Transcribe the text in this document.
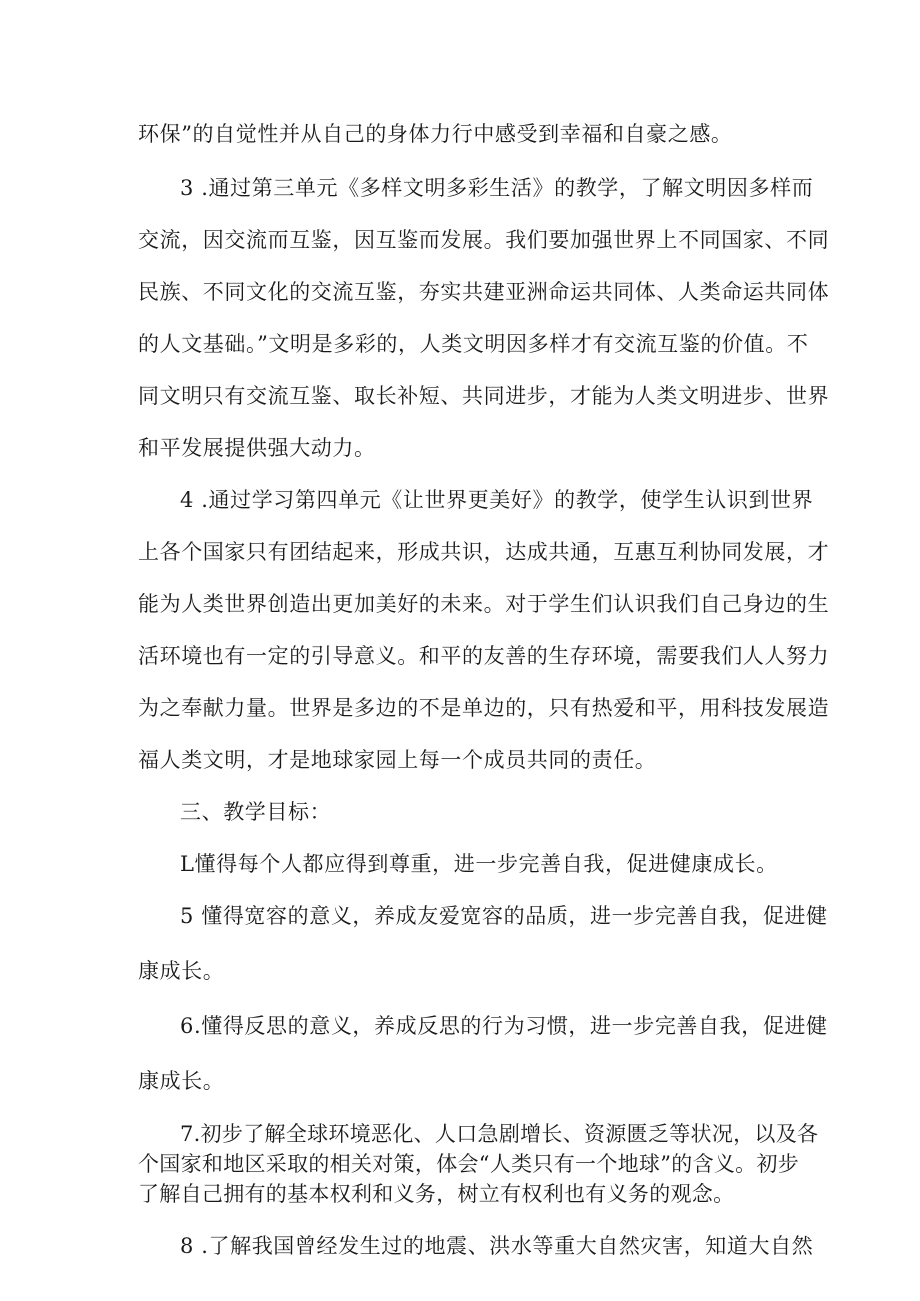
环保”的自觉性并从自己的身体力行中感受到幸福和自豪之感。
3 .通过第三单元《多样文明多彩生活》的教学，了解文明因多样而
交流，因交流而互鉴，因互鉴而发展。我们要加强世界上不同国家、不同
民族、不同文化的交流互鉴，夯实共建亚洲命运共同体、人类命运共同体
的人文基础。”文明是多彩的，人类文明因多样才有交流互鉴的价值。不
同文明只有交流互鉴、取长补短、共同进步，才能为人类文明进步、世界
和平发展提供强大动力。
4 .通过学习第四单元《让世界更美好》的教学，使学生认识到世界
上各个国家只有团结起来，形成共识，达成共通，互惠互利协同发展，才
能为人类世界创造出更加美好的未来。对于学生们认识我们自己身边的生
活环境也有一定的引导意义。和平的友善的生存环境，需要我们人人努力
为之奉献力量。世界是多边的不是单边的，只有热爱和平，用科技发展造
福人类文明，才是地球家园上每一个成员共同的责任。
三、教学目标：
L懂得每个人都应得到尊重，进一步完善自我，促进健康成长。
5 懂得宽容的意义，养成友爱宽容的品质，进一步完善自我，促进健
康成长。
6.懂得反思的意义，养成反思的行为习惯，进一步完善自我，促进健
康成长。
7.初步了解全球环境恶化、人口急剧增长、资源匮乏等状况，以及各
个国家和地区采取的相关对策，体会“人类只有一个地球”的含义。初步
了解自己拥有的基本权利和义务，树立有权利也有义务的观念。
8 .了解我国曾经发生过的地震、洪水等重大自然灾害，知道大自然
